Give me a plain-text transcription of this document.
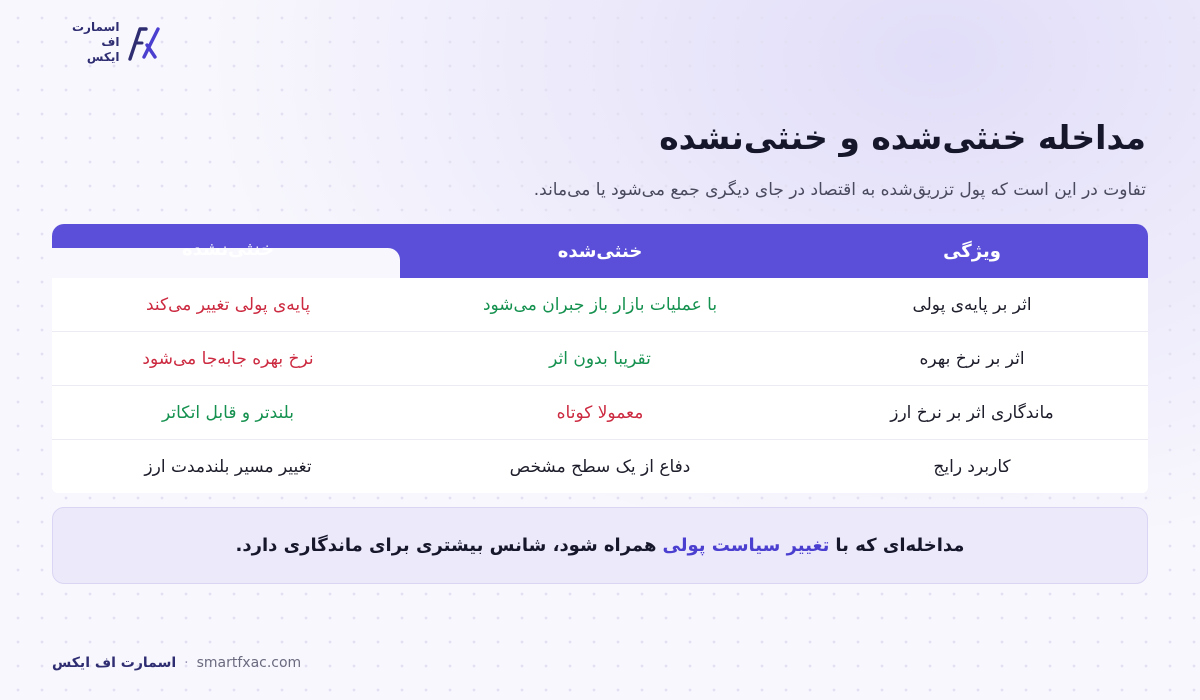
اسمارت
اف
ایکس
مداخله خنثی‌شده و خنثی‌نشده

تفاوت در این است که پول تزریق‌شده به اقتصاد در جای دیگری جمع می‌شود یا می‌ماند.

ویژگی
خنثی‌شده
خنثی‌نشده
اثر بر پایه‌ی پولی
با عملیات بازار باز جبران می‌شود
پایه‌ی پولی تغییر می‌کند
اثر بر نرخ بهره
تقریبا بدون اثر
نرخ بهره جابه‌جا می‌شود
ماندگاری اثر بر نرخ ارز
معمولا کوتاه
بلندتر و قابل اتکاتر
کاربرد رایج
دفاع از یک سطح مشخص
تغییر مسیر بلندمدت ارز
مداخله‌ای که با
تغییر سیاست پولی
همراه شود، شانس بیشتری برای ماندگاری دارد.
اسمارت اف ایکس · smartfxac.com
